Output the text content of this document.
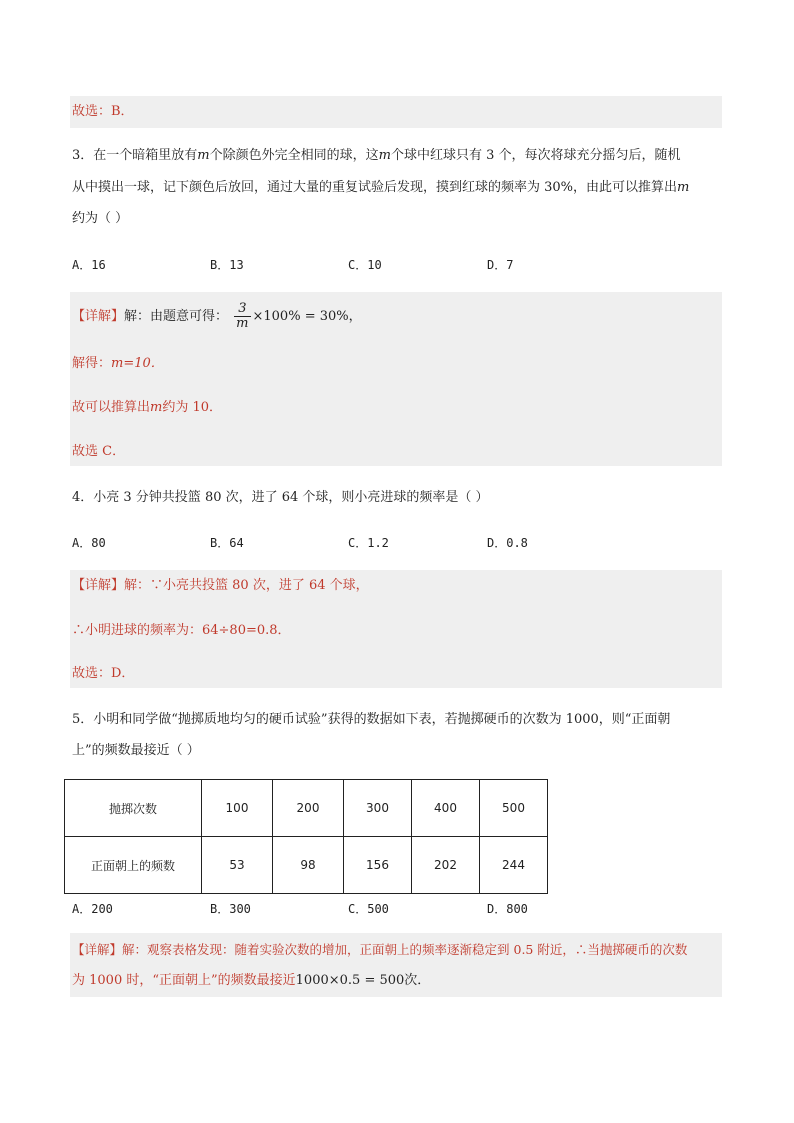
故选：B．
3．在一个暗箱里放有m个除颜色外完全相同的球，这m个球中红球只有 3 个，每次将球充分摇匀后，随机
从中摸出一球，记下颜色后放回，通过大量的重复试验后发现，摸到红球的频率为 30%，由此可以推算出m
约为（ ）
A．16	B．13	C．10	D．7
【详解】解：由题意可得： $\frac{3}{m} \times 100\% = 30\%$，
解得：m=10．
故可以推算出m约为 10．
故选 C．
4．小亮 3 分钟共投篮 80 次，进了 64 个球，则小亮进球的频率是（ ）
A．80	B．64	C．1.2	D．0.8
【详解】解：∵小亮共投篮 80 次，进了 64 个球，
∴小明进球的频率为：64÷80=0.8．
故选：D．
5．小明和同学做“抛掷质地均匀的硬币试验”获得的数据如下表，若抛掷硬币的次数为 1000，则“正面朝
上”的频数最接近（ ）
抛掷次数	100	200	300	400	500
正面朝上的频数	53	98	156	202	244
A．200	B．300	C．500	D．800
【详解】解：观察表格发现：随着实验次数的增加，正面朝上的频率逐渐稳定到 0.5 附近，∴当抛掷硬币的次数
为 1000 时，“正面朝上”的频数最接近1000×0.5 = 500次．
